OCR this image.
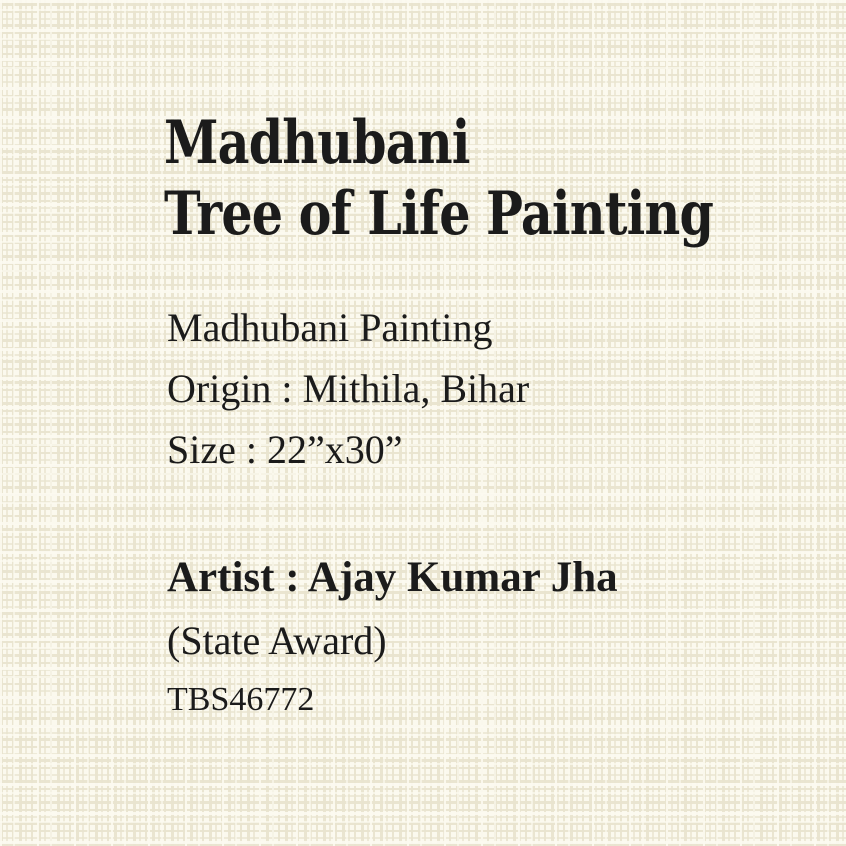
Madhubani
Tree of Life Painting

Madhubani Painting

Origin : Mithila, Bihar

Size : 22”x30”

Artist : Ajay Kumar Jha

(State Award)

TBS46772
